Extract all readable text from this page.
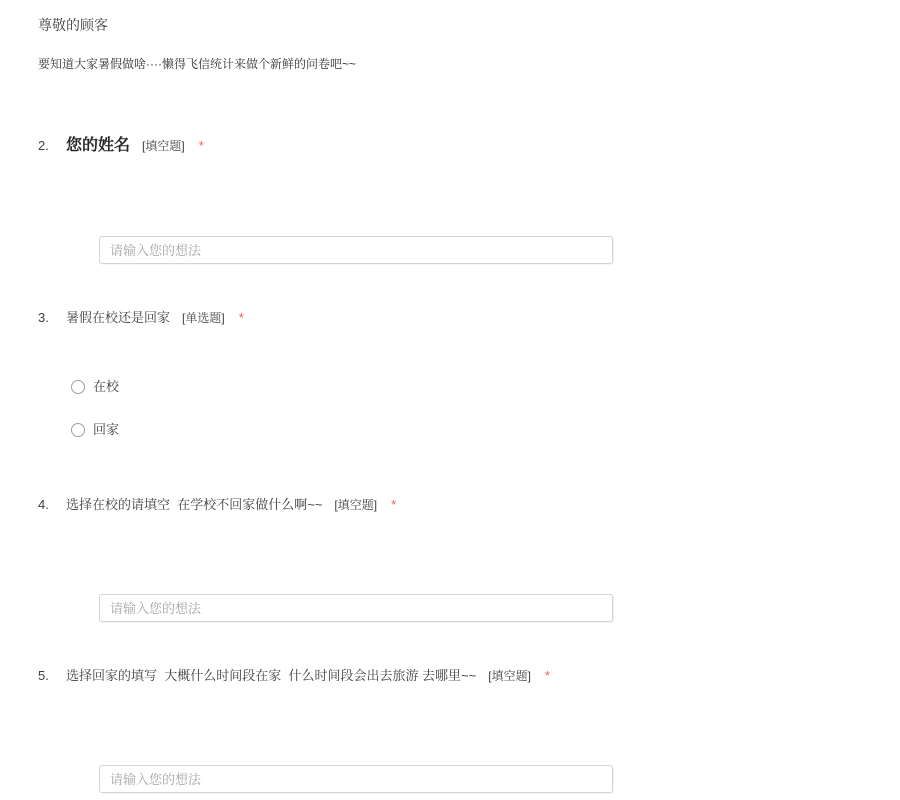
尊敬的顾客
要知道大家暑假做啥····懒得飞信统计来做个新鲜的问卷吧~~
2.	您的姓名 [填空题] *
请输入您的想法
3.	暑假在校还是回家 [单选题] *
在校
回家
4.	选择在校的请填空  在学校不回家做什么啊~~ [填空题] *
请输入您的想法
5.	选择回家的填写  大概什么时间段在家  什么时间段会出去旅游 去哪里~~ [填空题] *
请输入您的想法
